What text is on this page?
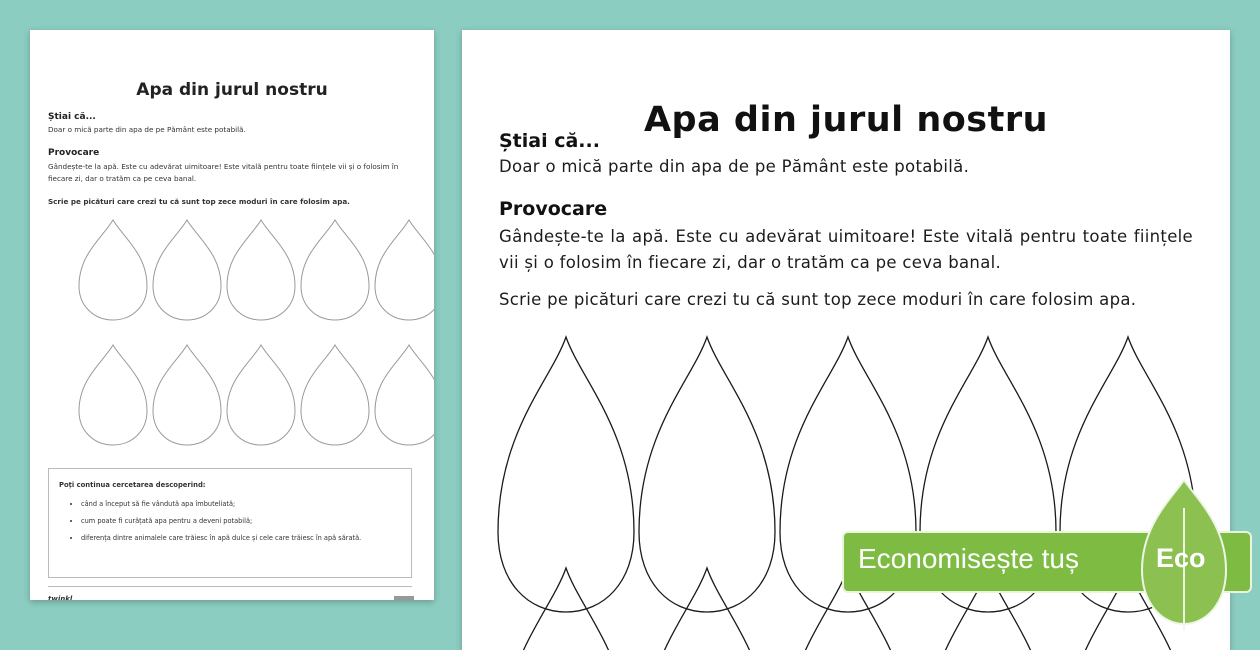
Apa din jurul nostru
Știai că...
Doar o mică parte din apa de pe Pământ este potabilă.
Provocare
Gândește-te la apă. Este cu adevărat uimitoare! Este vitală pentru toate ființele vii și o folosim în fiecare zi, dar o tratăm ca pe ceva banal.
Scrie pe picături care crezi tu că sunt top zece moduri în care folosim apa.
Poți continua cercetarea descoperind:
• când a început să fie vândută apa îmbuteliată;
• cum poate fi curățată apa pentru a deveni potabilă;
• diferența dintre animalele care trăiesc în apă dulce și cele care trăiesc în apă sărată.
twinkl
Apa din jurul nostru
Știai că...
Doar o mică parte din apa de pe Pământ este potabilă.
Provocare
Gândește-te la apă. Este cu adevărat uimitoare! Este vitală pentru toate ființele vii și o folosim în fiecare zi, dar o tratăm ca pe ceva banal.
Scrie pe picături care crezi tu că sunt top zece moduri în care folosim apa.
Economisește tuș	Eco
